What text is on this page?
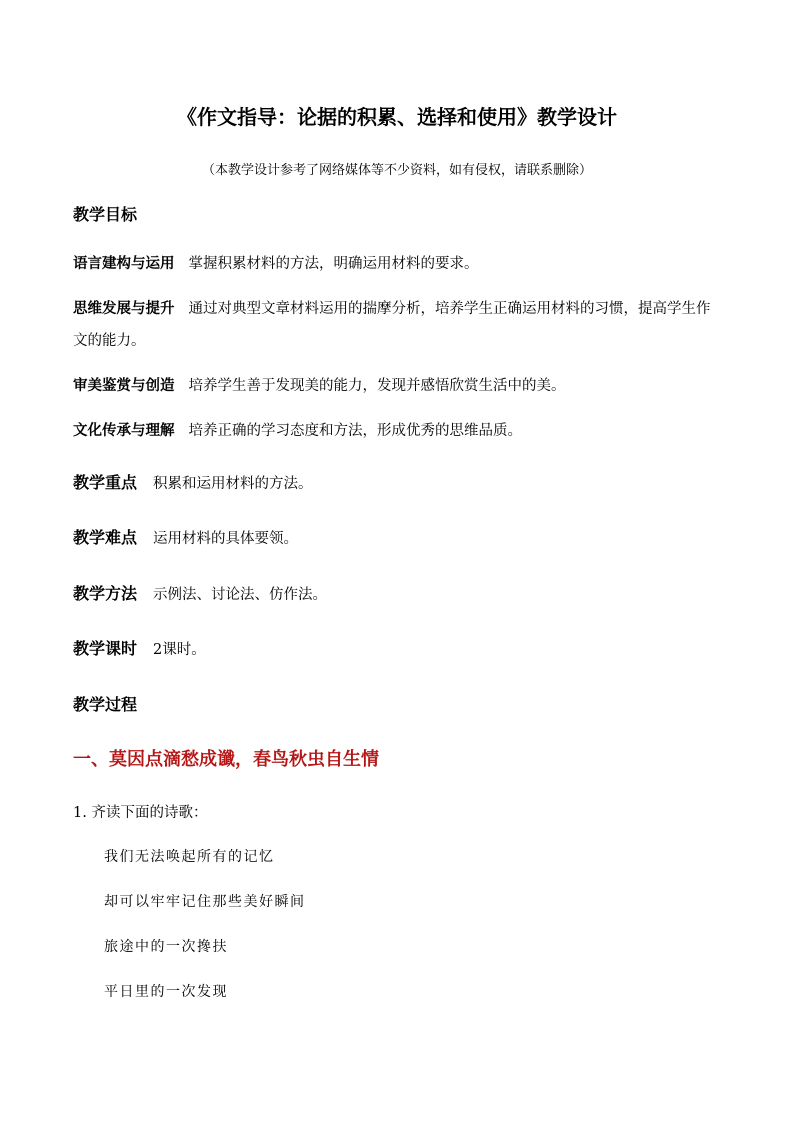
《作文指导：论据的积累、选择和使用》教学设计
（本教学设计参考了网络媒体等不少资料，如有侵权，请联系删除）
教学目标
语言建构与运用 掌握积累材料的方法，明确运用材料的要求。
思维发展与提升 通过对典型文章材料运用的揣摩分析，培养学生正确运用材料的习惯，提高学生作文的能力。
审美鉴赏与创造 培养学生善于发现美的能力，发现并感悟欣赏生活中的美。
文化传承与理解 培养正确的学习态度和方法，形成优秀的思维品质。
教学重点 积累和运用材料的方法。
教学难点 运用材料的具体要领。
教学方法 示例法、讨论法、仿作法。
教学课时 2课时。
教学过程
一、莫因点滴愁成谶，春鸟秋虫自生情
1. 齐读下面的诗歌：
我们无法唤起所有的记忆
却可以牢牢记住那些美好瞬间
旅途中的一次搀扶
平日里的一次发现
